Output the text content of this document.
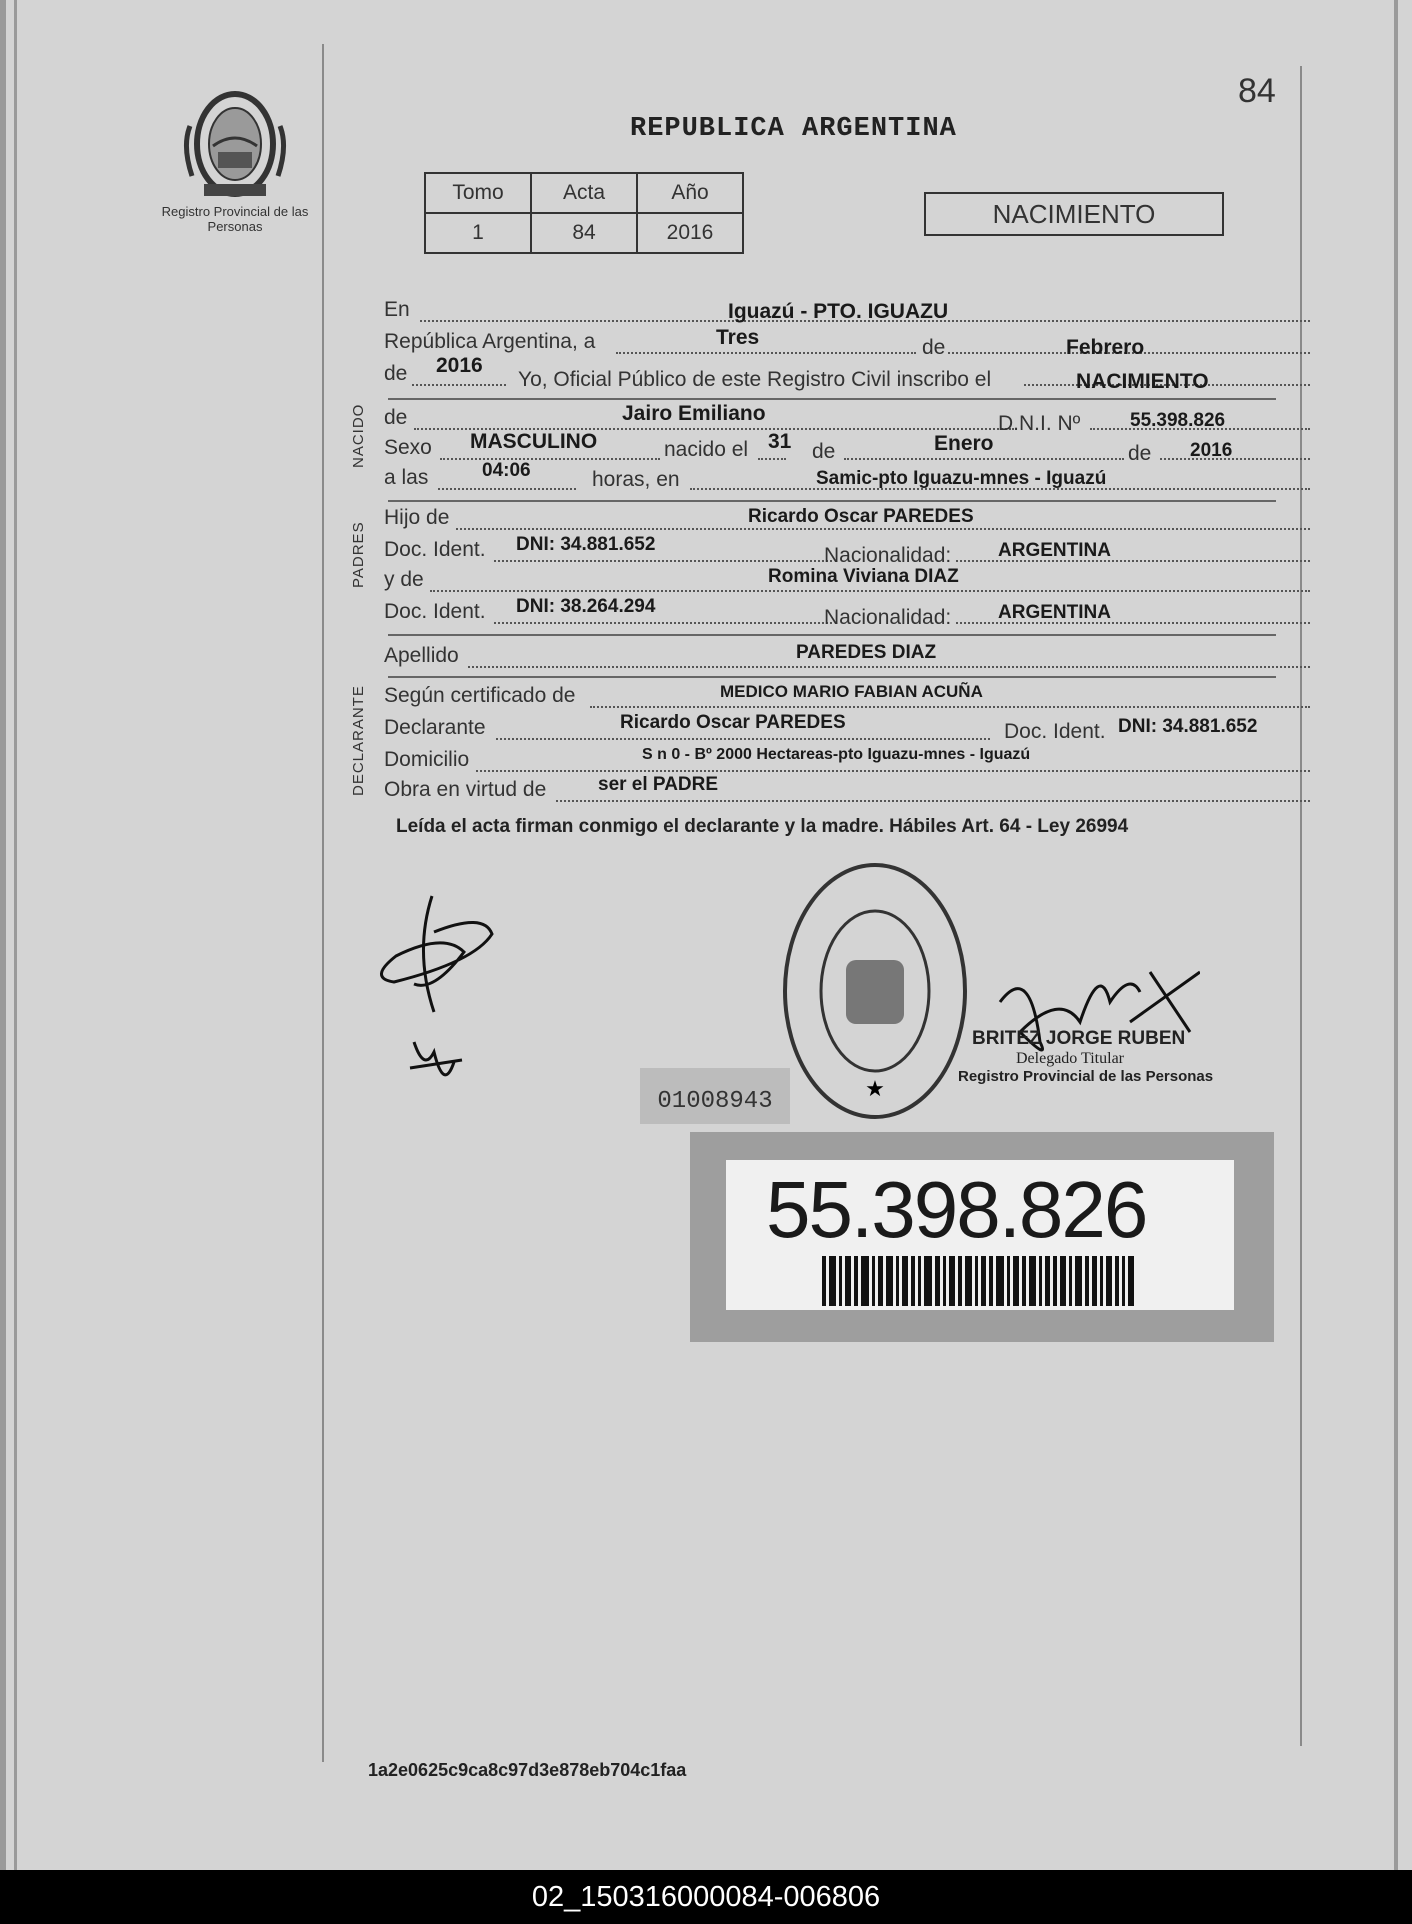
Registro Provincial de las Personas
84
REPUBLICA ARGENTINA
Tomo	Acta	Año
1	84	2016
NACIMIENTO
En	Iguazú - PTO. IGUAZU
República Argentina, a	Tres	de	Febrero
de 2016
Yo, Oficial Público de este Registro Civil inscribo el	NACIMIENTO
NACIDO de	Jairo Emiliano	D.N.I. Nº	55.398.826
Sexo MASCULINO	nacido el 31 de	Enero	de 2016
a las	04:06	horas, en	Samic-pto Iguazu-mnes - Iguazú
PADRES
Hijo de	Ricardo Oscar PAREDES
Doc. Ident. DNI: 34.881.652	Nacionalidad: ARGENTINA
y de	Romina Viviana DIAZ
Doc. Ident. DNI: 38.264.294	Nacionalidad: ARGENTINA
Apellido	PAREDES DIAZ
DECLARANTE Según certificado de	MEDICO MARIO FABIAN ACUÑA
Declarante	Ricardo Oscar PAREDES	Doc. Ident. DNI: 34.881.652
Domicilio	S n 0 - Bº 2000 Hectareas-pto Iguazu-mnes - Iguazú
Obra en virtud de	ser el PADRE
Leída el acta firman conmigo el declarante y la madre. Hábiles Art. 64 - Ley 26994
★
BRITEZ JORGE RUBEN
Delegado Titular
Registro Provincial de las Personas
01008943
55.398.826
1a2e0625c9ca8c97d3e878eb704c1faa
02_150316000084-006806
